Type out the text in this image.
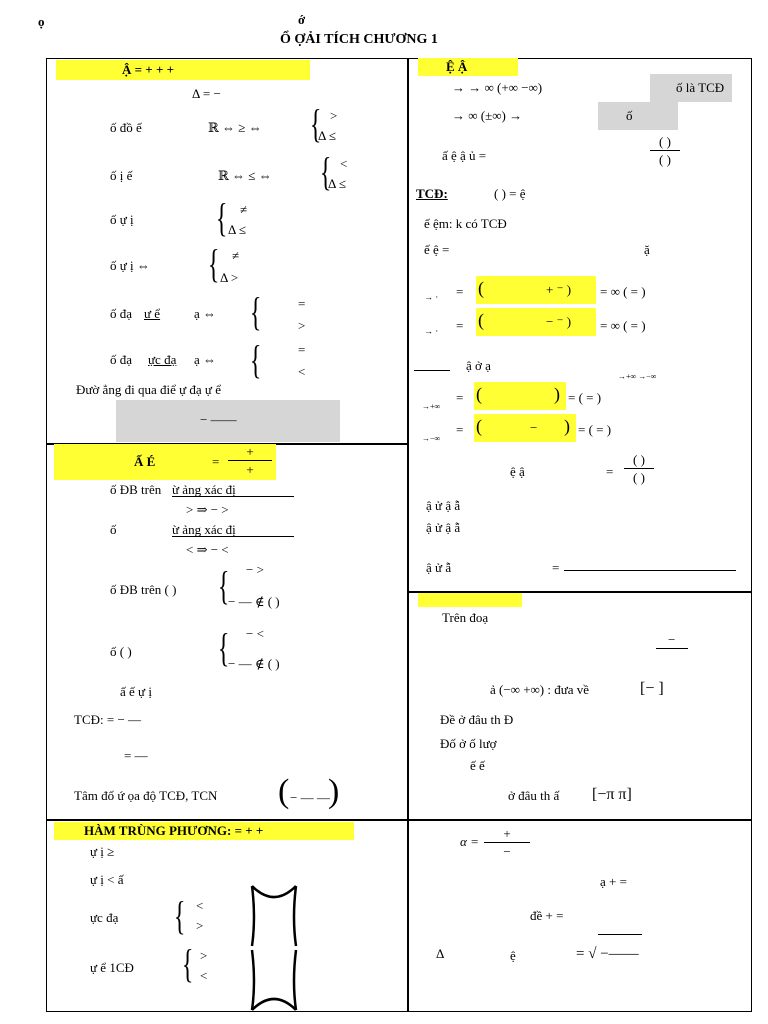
ọ	ớ
Ổ ỢẢI TÍCH CHƯƠNG 1
Ậ = + + +
Δ = −
ố đồ ế	ℝ ⇔ ≥ ⇔ { >
Δ ≤
ố ị ế	ℝ ⇔ ≤ ⇔ { <
Δ ≤
ố ự ị { ≠
Δ ≤
ố ự ị ⇔ { ≠
Δ >
ố đạ ư ể	ạ ⇔ {	=
>
ố đạ ực đạ ạ ⇔ {	=
<
Đườ ẳng đi qua điể ự đạ ự ể
− ——
Ệ Ậ
→ → ∞ (+∞ −∞)	ố là TCĐ
→ ∞ (±∞) →	ố
ấ ệ ậ ủ =
( )
( )
TCĐ:	( ) = ệ
ế ệm: k có TCĐ
ế ệ =	ặ
→ · = (	+ ⁻ ) = ∞ ( = )
→ · = (	− ⁻ ) = ∞ ( = )
ậ ở ạ
→+∞ →−∞
→+∞
= (	) = ( = )
→−∞
= (	− ) = ( = )
ệ ậ	=
( )
( )
ậ ử ậ ẫ
ậ ử ậ ẫ
ậ ử ẫ	=
Ấ É	=
+
+
ố ĐB trên ừ ảng xác đị
> ⇒ − >
ố	ừ ảng xác đị
< ⇒ − <
ố ĐB trên ( ) { − >
− — ∉ ( )
ố ( ) { − <
− — ∉ ( )
ấ ế ự ị
TCĐ: = − —
= —
Tâm đố ứ ọa độ TCĐ, TCN ( − — —
)
Trên đoạ
−
ả (−∞ +∞) : đưa về	[− ]
Đề ở đâu th Đ
Đố ở ố lượ
ế ế
ở đâu th ấ [−π π]
HÀM TRÙNG PHƯƠNG: = + +
ự ị ≥
ự ị < ấ
ực đạ { <
>
ự ể 1CĐ { >
<
α =
+
−
ạ + =
đề + =
Δ	ệ	= √ −——
